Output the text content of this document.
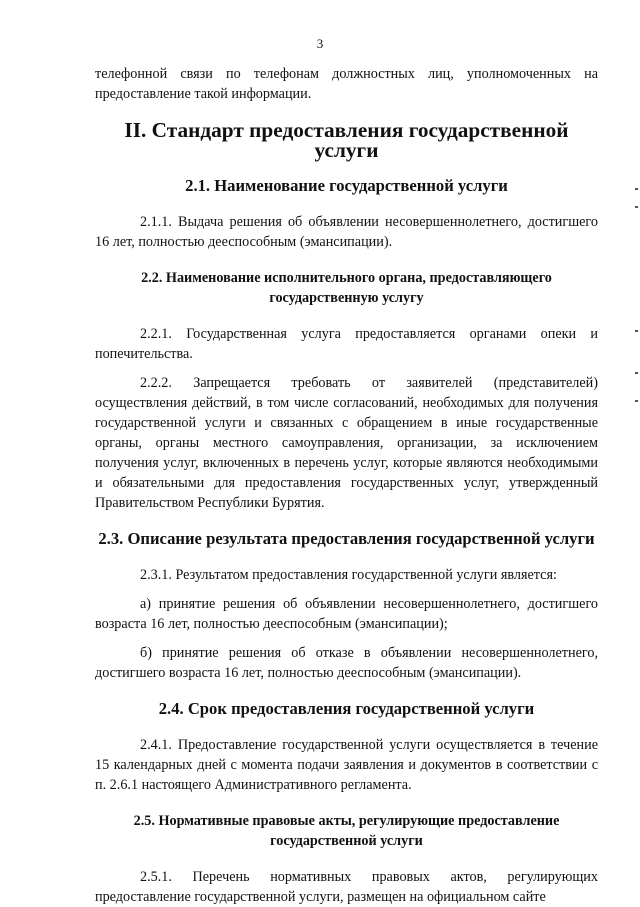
3

телефонной связи по телефонам должностных лиц, уполномоченных на предоставление такой информации.

II. Стандарт предоставления государственной услуги
2.1. Наименование государственной услуги

2.1.1. Выдача решения об объявлении несовершеннолетнего, достигшего 16 лет, полностью дееспособным (эмансипации).

2.2. Наименование исполнительного органа, предоставляющего
государственную услугу

2.2.1. Государственная услуга предоставляется органами опеки и попечительства.

2.2.2. Запрещается требовать от заявителей (представителей) осуществления действий, в том числе согласований, необходимых для получения государственной услуги и связанных с обращением в иные государственные органы, органы местного самоуправления, организации, за исключением получения услуг, включенных в перечень услуг, которые являются необходимыми и обязательными для предоставления государственных услуг, утвержденный Правительством Республики Бурятия.

2.3. Описание результата предоставления государственной услуги

2.3.1. Результатом предоставления государственной услуги является:

а) принятие решения об объявлении несовершеннолетнего, достигшего возраста 16 лет, полностью дееспособным (эмансипации);

б) принятие решения об отказе в объявлении несовершеннолетнего, достигшего возраста 16 лет, полностью дееспособным (эмансипации).

2.4. Срок предоставления государственной услуги

2.4.1. Предоставление государственной услуги осуществляется в течение 15 календарных дней с момента подачи заявления и документов в соответствии с п. 2.6.1 настоящего Административного регламента.

2.5. Нормативные правовые акты, регулирующие предоставление
государственной услуги

2.5.1. Перечень нормативных правовых актов, регулирующих предоставление государственной услуги, размещен на официальном сайте
